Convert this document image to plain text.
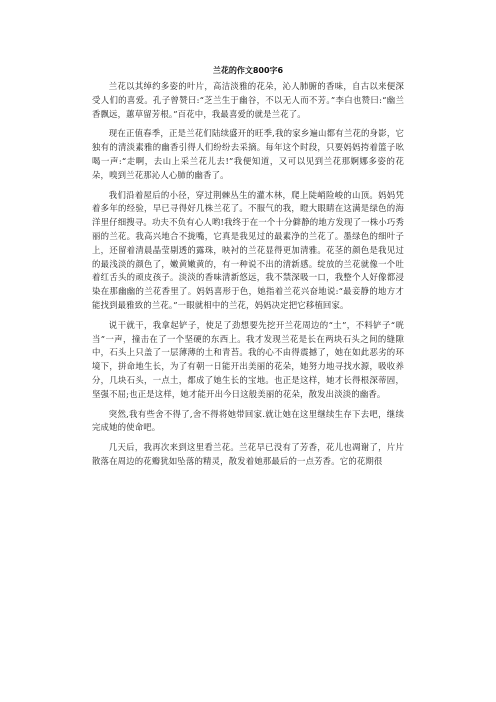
兰花的作文800字6

兰花以其绰约多姿的叶片，高洁淡雅的花朵，沁人肺腑的香味，自古以来便深受人们的喜爱。孔子曾赞曰:“芝兰生于幽谷，不以无人而不芳。”李白也赞曰:“幽兰香飘远，蕙草留芳根。”百花中，我最喜爱的就是兰花了。

现在正值春季，正是兰花们陆续盛开的旺季,我的家乡遍山都有兰花的身影，它独有的清淡素雅的幽香引得人们纷纷去采摘。每年这个时段，只要妈妈挎着篮子吆喝一声:“走啊，去山上采兰花儿去!”我便知道，又可以见到兰花那婀娜多姿的花朵，嗅到兰花那沁人心肺的幽香了。

我们沿着屋后的小径，穿过荆棘丛生的灌木林，爬上陡峭险峻的山顶。妈妈凭着多年的经验，早已寻得好几株兰花了。不服气的我，瞪大眼睛在这满是绿色的海洋里仔细搜寻。功夫不负有心人哟!我终于在一个十分僻静的地方发现了一株小巧秀丽的兰花。我高兴地合不拢嘴，它真是我见过的最素净的兰花了。墨绿色的细叶子上，还留着清晨晶莹剔透的露珠，映衬的兰花显得更加清雅。花茎的颜色是我见过的最浅淡的颜色了，嫩黄嫩黄的，有一种说不出的清新感。绽放的兰花就像一个吐着红舌头的顽皮孩子。淡淡的香味清新悠远，我不禁深吸一口，我整个人好像都浸染在那幽幽的兰花香里了。妈妈喜形于色，她指着兰花兴奋地说:“最妾静的地方才能找到最雅致的兰花。”一眼就相中的兰花，妈妈决定把它移植回家。

说干就干，我拿起铲子，使足了劲想要先挖开兰花周边的“土”，不料铲子“咣当”一声，撞击在了一个坚硬的东西上。我才发现兰花是长在两块石头之间的缝隙中，石头上只盖了一层薄薄的土和青苔。我的心不由得震撼了，她在如此恶劣的环境下，拼命地生长，为了有朝一日能开出美丽的花朵，她努力地寻找水源，吸收养分，几块石头，一点土，都成了她生长的宝地。也正是这样，她才长得根深蒂固，坚强不屈;也正是这样，她才能开出今日这般美丽的花朵，散发出淡淡的幽香。

突然,我有些舍不得了,舍不得将她带回家.就让她在这里继续生存下去吧，继续完成她的使命吧。

几天后，我再次来到这里看兰花。兰花早已没有了芳香，花儿也凋谢了，片片散落在周边的花瓣犹如坠落的精灵，散发着她那最后的一点芳香。它的花期很
